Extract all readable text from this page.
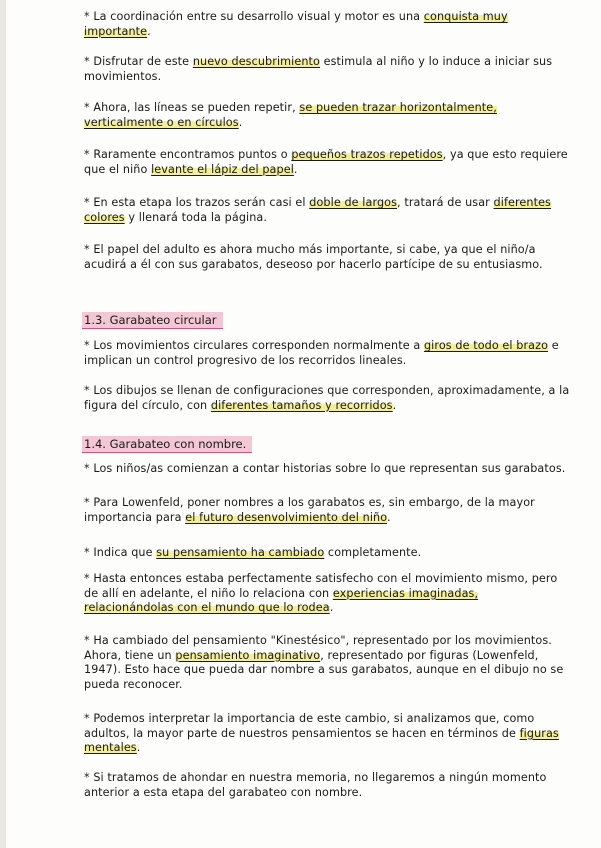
* La coordinación entre su desarrollo visual y motor es una conquista muy importante.
* Disfrutar de este nuevo descubrimiento estimula al niño y lo induce a iniciar sus movimientos.
* Ahora, las líneas se pueden repetir, se pueden trazar horizontalmente, verticalmente o en círculos.
* Raramente encontramos puntos o pequeños trazos repetidos, ya que esto requiere que el niño levante el lápiz del papel.
* En esta etapa los trazos serán casi el doble de largos, tratará de usar diferentes colores y llenará toda la página.
* El papel del adulto es ahora mucho más importante, si cabe, ya que el niño/a acudirá a él con sus garabatos, deseoso por hacerlo partícipe de su entusiasmo.
1.3. Garabateo circular
* Los movimientos circulares corresponden normalmente a giros de todo el brazo e implican un control progresivo de los recorridos lineales.
* Los dibujos se llenan de configuraciones que corresponden, aproximadamente, a la figura del círculo, con diferentes tamaños y recorridos.
1.4. Garabateo con nombre.
* Los niños/as comienzan a contar historias sobre lo que representan sus garabatos.
* Para Lowenfeld, poner nombres a los garabatos es, sin embargo, de la mayor importancia para el futuro desenvolvimiento del niño.
* Indica que su pensamiento ha cambiado completamente.
* Hasta entonces estaba perfectamente satisfecho con el movimiento mismo, pero de allí en adelante, el niño lo relaciona con experiencias imaginadas, relacionándolas con el mundo que lo rodea.
* Ha cambiado del pensamiento "Kinestésico", representado por los movimientos. Ahora, tiene un pensamiento imaginativo, representado por figuras (Lowenfeld, 1947). Esto hace que pueda dar nombre a sus garabatos, aunque en el dibujo no se pueda reconocer.
* Podemos interpretar la importancia de este cambio, si analizamos que, como adultos, la mayor parte de nuestros pensamientos se hacen en términos de figuras mentales.
* Si tratamos de ahondar en nuestra memoria, no llegaremos a ningún momento anterior a esta etapa del garabateo con nombre.
